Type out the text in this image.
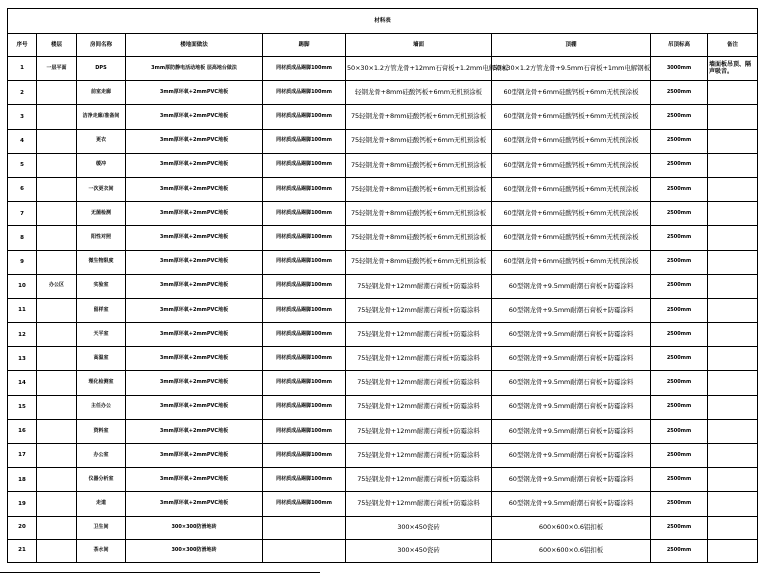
材料表								
序号	楼层	房间名称	楼地面做法	踢脚	墙面	顶棚	吊顶标高	备注
1	一层平面	DPS	3mm厚防静电活动地板 层高地台做法	同材质成品踢脚100mm	50×30×1.2方管龙骨+12mm石膏板+1.2mm电解钢板	50×30×1.2方管龙骨+9.5mm石膏板+1mm电解钢板	3000mm	墙面板吊顶、隔声吸音。
2		前室走廊	3mm厚环氧+2mmPVC地板	同材质成品踢脚100mm	轻钢龙骨+8mm硅酸钙板+6mm无机预涂板	60型钢龙骨+6mm硅酸钙板+6mm无机预涂板	2500mm	
3		洁净走廊/准备间	3mm厚环氧+2mmPVC地板	同材质成品踢脚100mm	75轻钢龙骨+8mm硅酸钙板+6mm无机预涂板	60型钢龙骨+6mm硅酸钙板+6mm无机预涂板	2500mm	
4		更衣	3mm厚环氧+2mmPVC地板	同材质成品踢脚100mm	75轻钢龙骨+8mm硅酸钙板+6mm无机预涂板	60型钢龙骨+6mm硅酸钙板+6mm无机预涂板	2500mm	
5		缓冲	3mm厚环氧+2mmPVC地板	同材质成品踢脚100mm	75轻钢龙骨+8mm硅酸钙板+6mm无机预涂板	60型钢龙骨+6mm硅酸钙板+6mm无机预涂板	2500mm	
6		一次更衣间	3mm厚环氧+2mmPVC地板	同材质成品踢脚100mm	75轻钢龙骨+8mm硅酸钙板+6mm无机预涂板	60型钢龙骨+6mm硅酸钙板+6mm无机预涂板	2500mm	
7		无菌检测	3mm厚环氧+2mmPVC地板	同材质成品踢脚100mm	75轻钢龙骨+8mm硅酸钙板+6mm无机预涂板	60型钢龙骨+6mm硅酸钙板+6mm无机预涂板	2500mm	
8		阳性对照	3mm厚环氧+2mmPVC地板	同材质成品踢脚100mm	75轻钢龙骨+8mm硅酸钙板+6mm无机预涂板	60型钢龙骨+6mm硅酸钙板+6mm无机预涂板	2500mm	
9		微生物限度	3mm厚环氧+2mmPVC地板	同材质成品踢脚100mm	75轻钢龙骨+8mm硅酸钙板+6mm无机预涂板	60型钢龙骨+6mm硅酸钙板+6mm无机预涂板	2500mm	
10	办公区	实验室	3mm厚环氧+2mmPVC地板	同材质成品踢脚100mm	75轻钢龙骨+12mm耐潮石膏板+防霉涂料	60型钢龙骨+9.5mm耐潮石膏板+防霉涂料	2500mm	
11		留样室	3mm厚环氧+2mmPVC地板	同材质成品踢脚100mm	75轻钢龙骨+12mm耐潮石膏板+防霉涂料	60型钢龙骨+9.5mm耐潮石膏板+防霉涂料	2500mm	
12		天平室	3mm厚环氧+2mmPVC地板	同材质成品踢脚100mm	75轻钢龙骨+12mm耐潮石膏板+防霉涂料	60型钢龙骨+9.5mm耐潮石膏板+防霉涂料	2500mm	
13		高温室	3mm厚环氧+2mmPVC地板	同材质成品踢脚100mm	75轻钢龙骨+12mm耐潮石膏板+防霉涂料	60型钢龙骨+9.5mm耐潮石膏板+防霉涂料	2500mm	
14		理化检测室	3mm厚环氧+2mmPVC地板	同材质成品踢脚100mm	75轻钢龙骨+12mm耐潮石膏板+防霉涂料	60型钢龙骨+9.5mm耐潮石膏板+防霉涂料	2500mm	
15		主任办公	3mm厚环氧+2mmPVC地板	同材质成品踢脚100mm	75轻钢龙骨+12mm耐潮石膏板+防霉涂料	60型钢龙骨+9.5mm耐潮石膏板+防霉涂料	2500mm	
16		资料室	3mm厚环氧+2mmPVC地板	同材质成品踢脚100mm	75轻钢龙骨+12mm耐潮石膏板+防霉涂料	60型钢龙骨+9.5mm耐潮石膏板+防霉涂料	2500mm	
17		办公室	3mm厚环氧+2mmPVC地板	同材质成品踢脚100mm	75轻钢龙骨+12mm耐潮石膏板+防霉涂料	60型钢龙骨+9.5mm耐潮石膏板+防霉涂料	2500mm	
18		仪器分析室	3mm厚环氧+2mmPVC地板	同材质成品踢脚100mm	75轻钢龙骨+12mm耐潮石膏板+防霉涂料	60型钢龙骨+9.5mm耐潮石膏板+防霉涂料	2500mm	
19		走道	3mm厚环氧+2mmPVC地板	同材质成品踢脚100mm	75轻钢龙骨+12mm耐潮石膏板+防霉涂料	60型钢龙骨+9.5mm耐潮石膏板+防霉涂料	2500mm	
20		卫生间	300×300防滑地砖		300×450瓷砖	600×600×0.6铝扣板	2500mm	
21		茶水间	300×300防滑地砖		300×450瓷砖	600×600×0.6铝扣板	2500mm	
